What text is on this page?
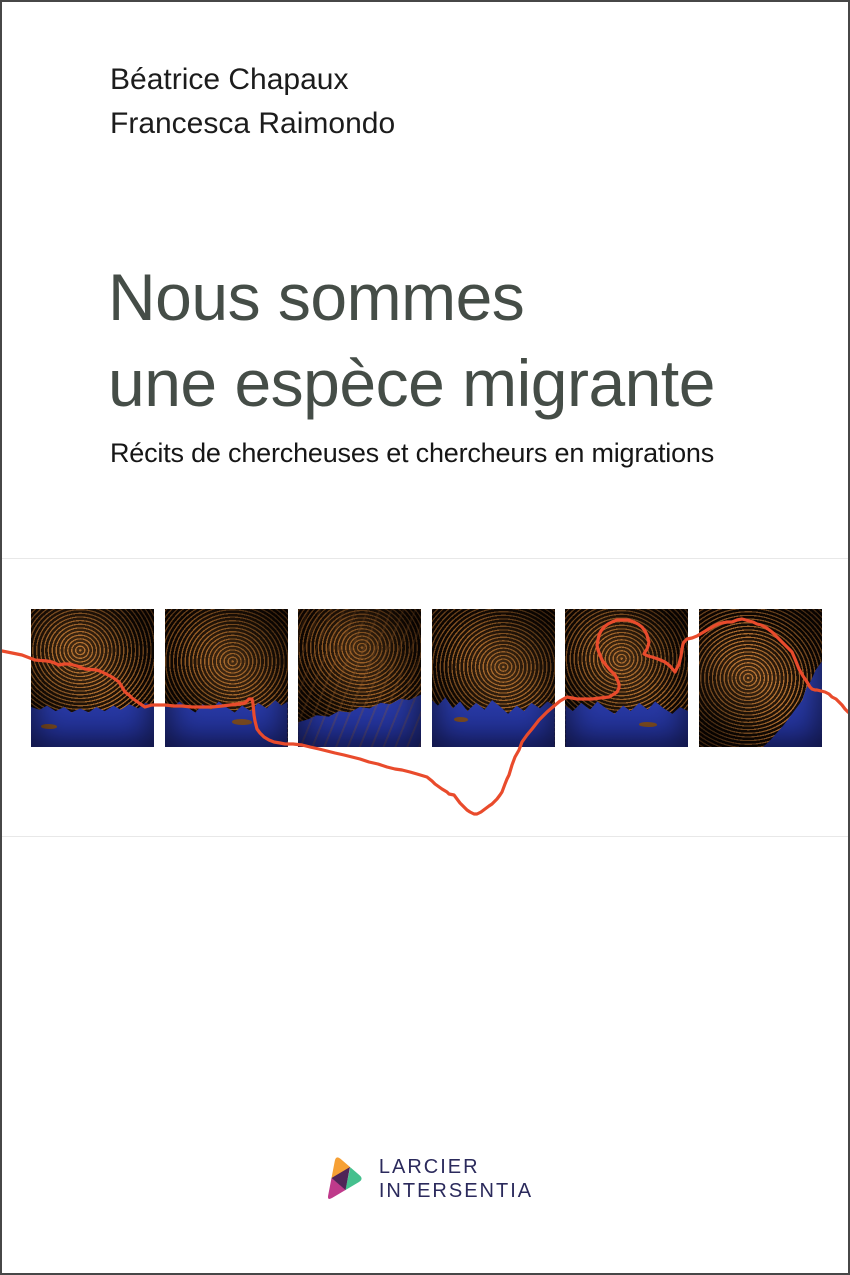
Béatrice Chapaux
Francesca Raimondo
Nous sommes
une espèce migrante
Récits de chercheuses et chercheurs en migrations
LARCIER
INTERSENTIA
